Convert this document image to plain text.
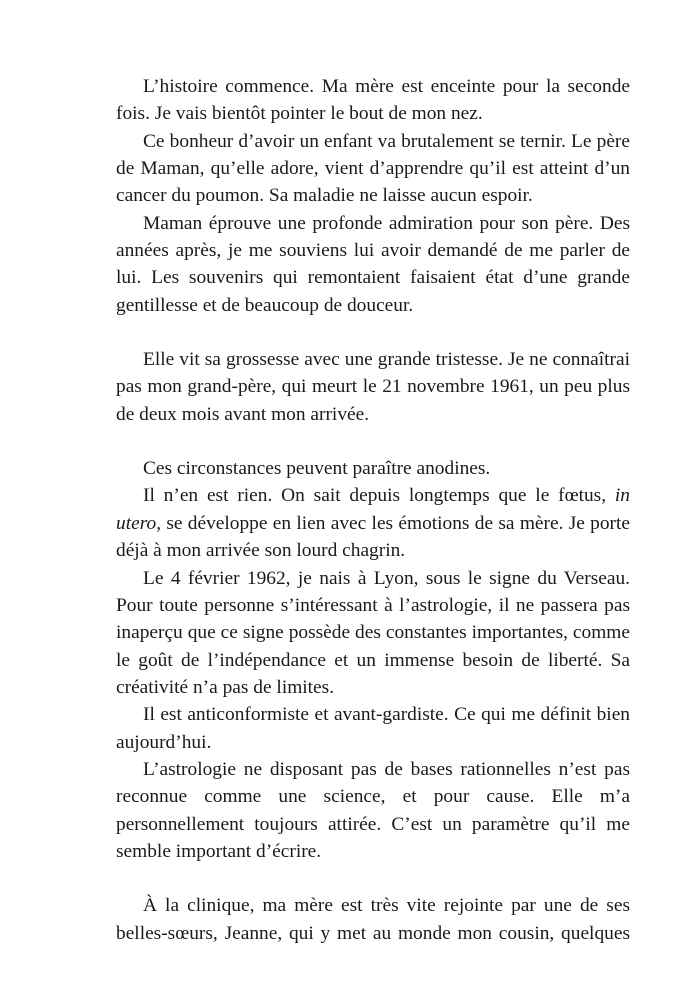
L’histoire commence. Ma mère est enceinte pour la seconde fois. Je vais bientôt pointer le bout de mon nez.

Ce bonheur d’avoir un enfant va brutalement se ternir. Le père de Maman, qu’elle adore, vient d’apprendre qu’il est atteint d’un cancer du poumon. Sa maladie ne laisse aucun espoir.

Maman éprouve une profonde admiration pour son père. Des années après, je me souviens lui avoir demandé de me parler de lui. Les souvenirs qui remontaient faisaient état d’une grande gentillesse et de beaucoup de douceur.

Elle vit sa grossesse avec une grande tristesse. Je ne connaîtrai pas mon grand-père, qui meurt le 21 novembre 1961, un peu plus de deux mois avant mon arrivée.

Ces circonstances peuvent paraître anodines.

Il n’en est rien. On sait depuis longtemps que le fœtus, in utero, se développe en lien avec les émotions de sa mère. Je porte déjà à mon arrivée son lourd chagrin.

Le 4 février 1962, je nais à Lyon, sous le signe du Verseau. Pour toute personne s’intéressant à l’astrologie, il ne passera pas inaperçu que ce signe possède des constantes importantes, comme le goût de l’indépendance et un immense besoin de liberté. Sa créativité n’a pas de limites.

Il est anticonformiste et avant-gardiste. Ce qui me définit bien aujourd’hui.

L’astrologie ne disposant pas de bases rationnelles n’est pas reconnue comme une science, et pour cause. Elle m’a personnellement toujours attirée. C’est un paramètre qu’il me semble important d’écrire.

À la clinique, ma mère est très vite rejointe par une de ses belles-sœurs, Jeanne, qui y met au monde mon cousin, quelques
